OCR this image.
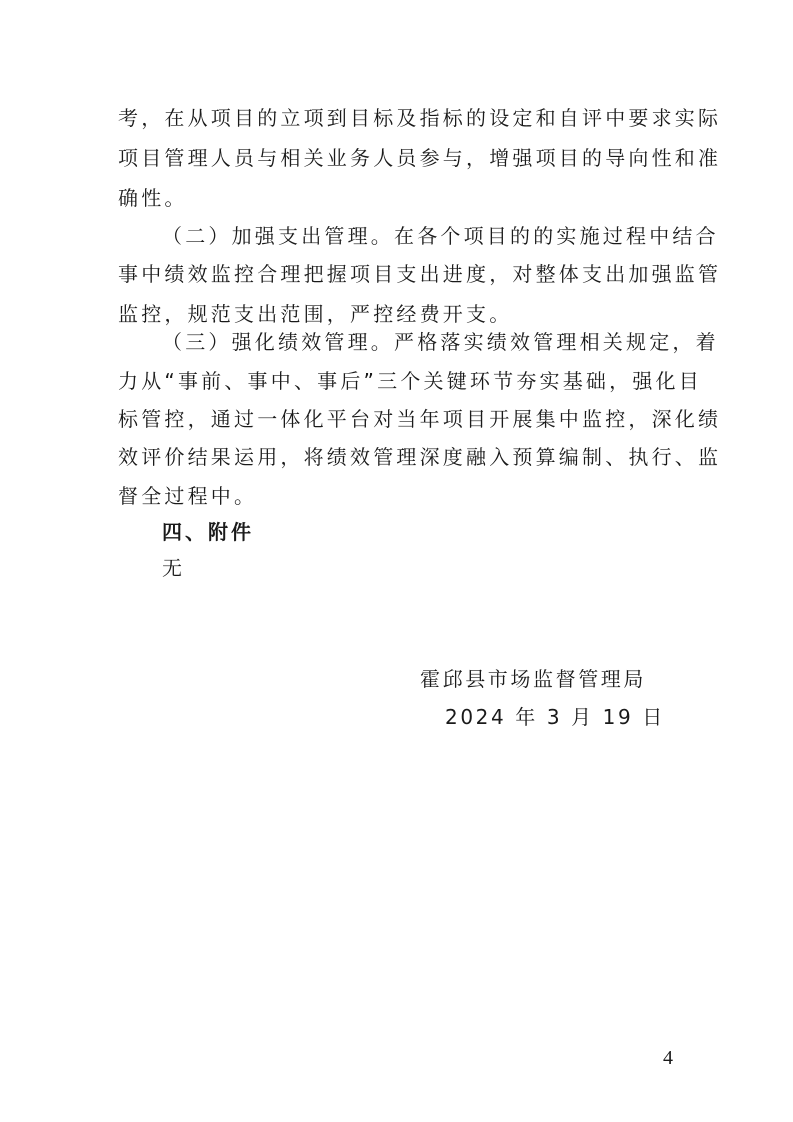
考，在从项目的立项到目标及指标的设定和自评中要求实际
项目管理人员与相关业务人员参与，增强项目的导向性和准
确性。
（二）加强支出管理。在各个项目的的实施过程中结合
事中绩效监控合理把握项目支出进度，对整体支出加强监管
监控，规范支出范围，严控经费开支。
（三）强化绩效管理。严格落实绩效管理相关规定，着
力从“事前、事中、事后”三个关键环节夯实基础，强化目
标管控，通过一体化平台对当年项目开展集中监控，深化绩
效评价结果运用，将绩效管理深度融入预算编制、执行、监
督全过程中。
四、附件
无
霍邱县市场监督管理局
2024 年 3 月 19 日
4
